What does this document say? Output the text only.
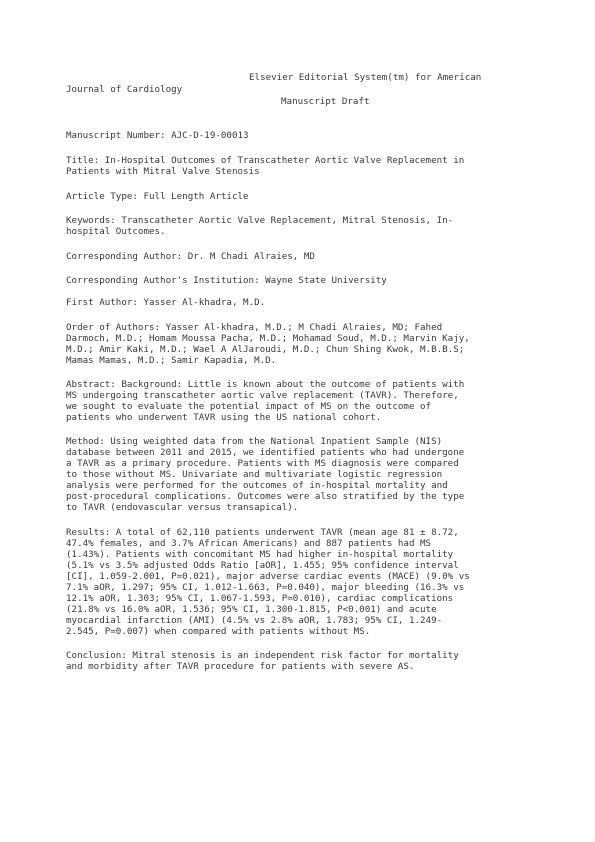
Elsevier Editorial System(tm) for American
Journal of Cardiology
Manuscript Draft
Manuscript Number: AJC-D-19-00013
Title: In-Hospital Outcomes of Transcatheter Aortic Valve Replacement in
Patients with Mitral Valve Stenosis
Article Type: Full Length Article
Keywords: Transcatheter Aortic Valve Replacement, Mitral Stenosis, In-
hospital Outcomes.
Corresponding Author: Dr. M Chadi Alraies, MD
Corresponding Author's Institution: Wayne State University
First Author: Yasser Al-khadra, M.D.
Order of Authors: Yasser Al-khadra, M.D.; M Chadi Alraies, MD; Fahed
Darmoch, M.D.; Homam Moussa Pacha, M.D.; Mohamad Soud, M.D.; Marvin Kajy,
M.D.; Amir Kaki, M.D.; Wael A AlJaroudi, M.D.; Chun Shing Kwok, M.B.B.S;
Mamas Mamas, M.D.; Samir Kapadia, M.D.
Abstract: Background: Little is known about the outcome of patients with
MS undergoing transcatheter aortic valve replacement (TAVR). Therefore,
we sought to evaluate the potential impact of MS on the outcome of
patients who underwent TAVR using the US national cohort.
Method: Using weighted data from the National Inpatient Sample (NIS)
database between 2011 and 2015, we identified patients who had undergone
a TAVR as a primary procedure. Patients with MS diagnosis were compared
to those without MS. Univariate and multivariate logistic regression
analysis were performed for the outcomes of in-hospital mortality and
post-procedural complications. Outcomes were also stratified by the type
to TAVR (endovascular versus transapical).
Results: A total of 62,110 patients underwent TAVR (mean age 81 ± 8.72,
47.4% females, and 3.7% African Americans) and 887 patients had MS
(1.43%). Patients with concomitant MS had higher in-hospital mortality
(5.1% vs 3.5% adjusted Odds Ratio [aOR], 1.455; 95% confidence interval
[CI], 1.059-2.001, P=0.021), major adverse cardiac events (MACE) (9.0% vs
7.1% aOR, 1.297; 95% CI, 1.012-1.663, P=0.040), major bleeding (16.3% vs
12.1% aOR, 1.303; 95% CI, 1.067-1.593, P=0.010), cardiac complications
(21.8% vs 16.0% aOR, 1.536; 95% CI, 1.300-1.815, P<0.001) and acute
myocardial infarction (AMI) (4.5% vs 2.8% aOR, 1.783; 95% CI, 1.249-
2.545, P=0.007) when compared with patients without MS.
Conclusion: Mitral stenosis is an independent risk factor for mortality
and morbidity after TAVR procedure for patients with severe AS.
